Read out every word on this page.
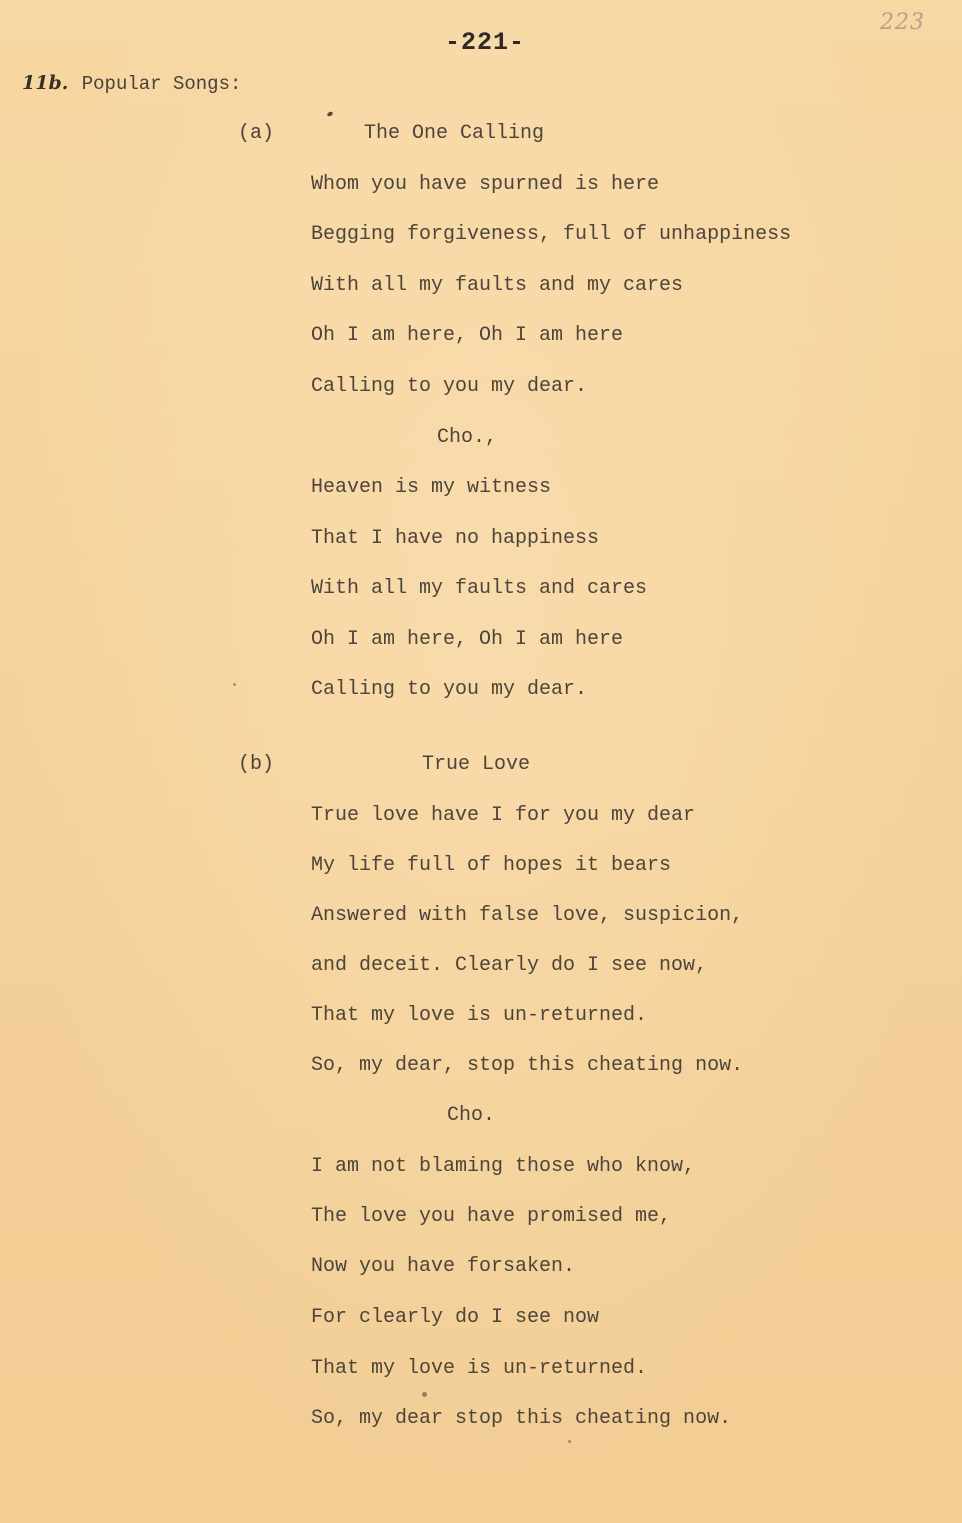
-221-
223
11b. Popular Songs:
(a)	The One Calling
Whom you have spurned is here
Begging forgiveness, full of unhappiness
With all my faults and my cares
Oh I am here, Oh I am here
Calling to you my dear.
Cho.,
Heaven is my witness
That I have no happiness
With all my faults and cares
Oh I am here, Oh I am here
Calling to you my dear.
(b)	True Love
True love have I for you my dear
My life full of hopes it bears
Answered with false love, suspicion,
and deceit. Clearly do I see now,
That my love is un-returned.
So, my dear, stop this cheating now.
Cho.
I am not blaming those who know,
The love you have promised me,
Now you have forsaken.
For clearly do I see now
That my love is un-returned.
So, my dear stop this cheating now.
